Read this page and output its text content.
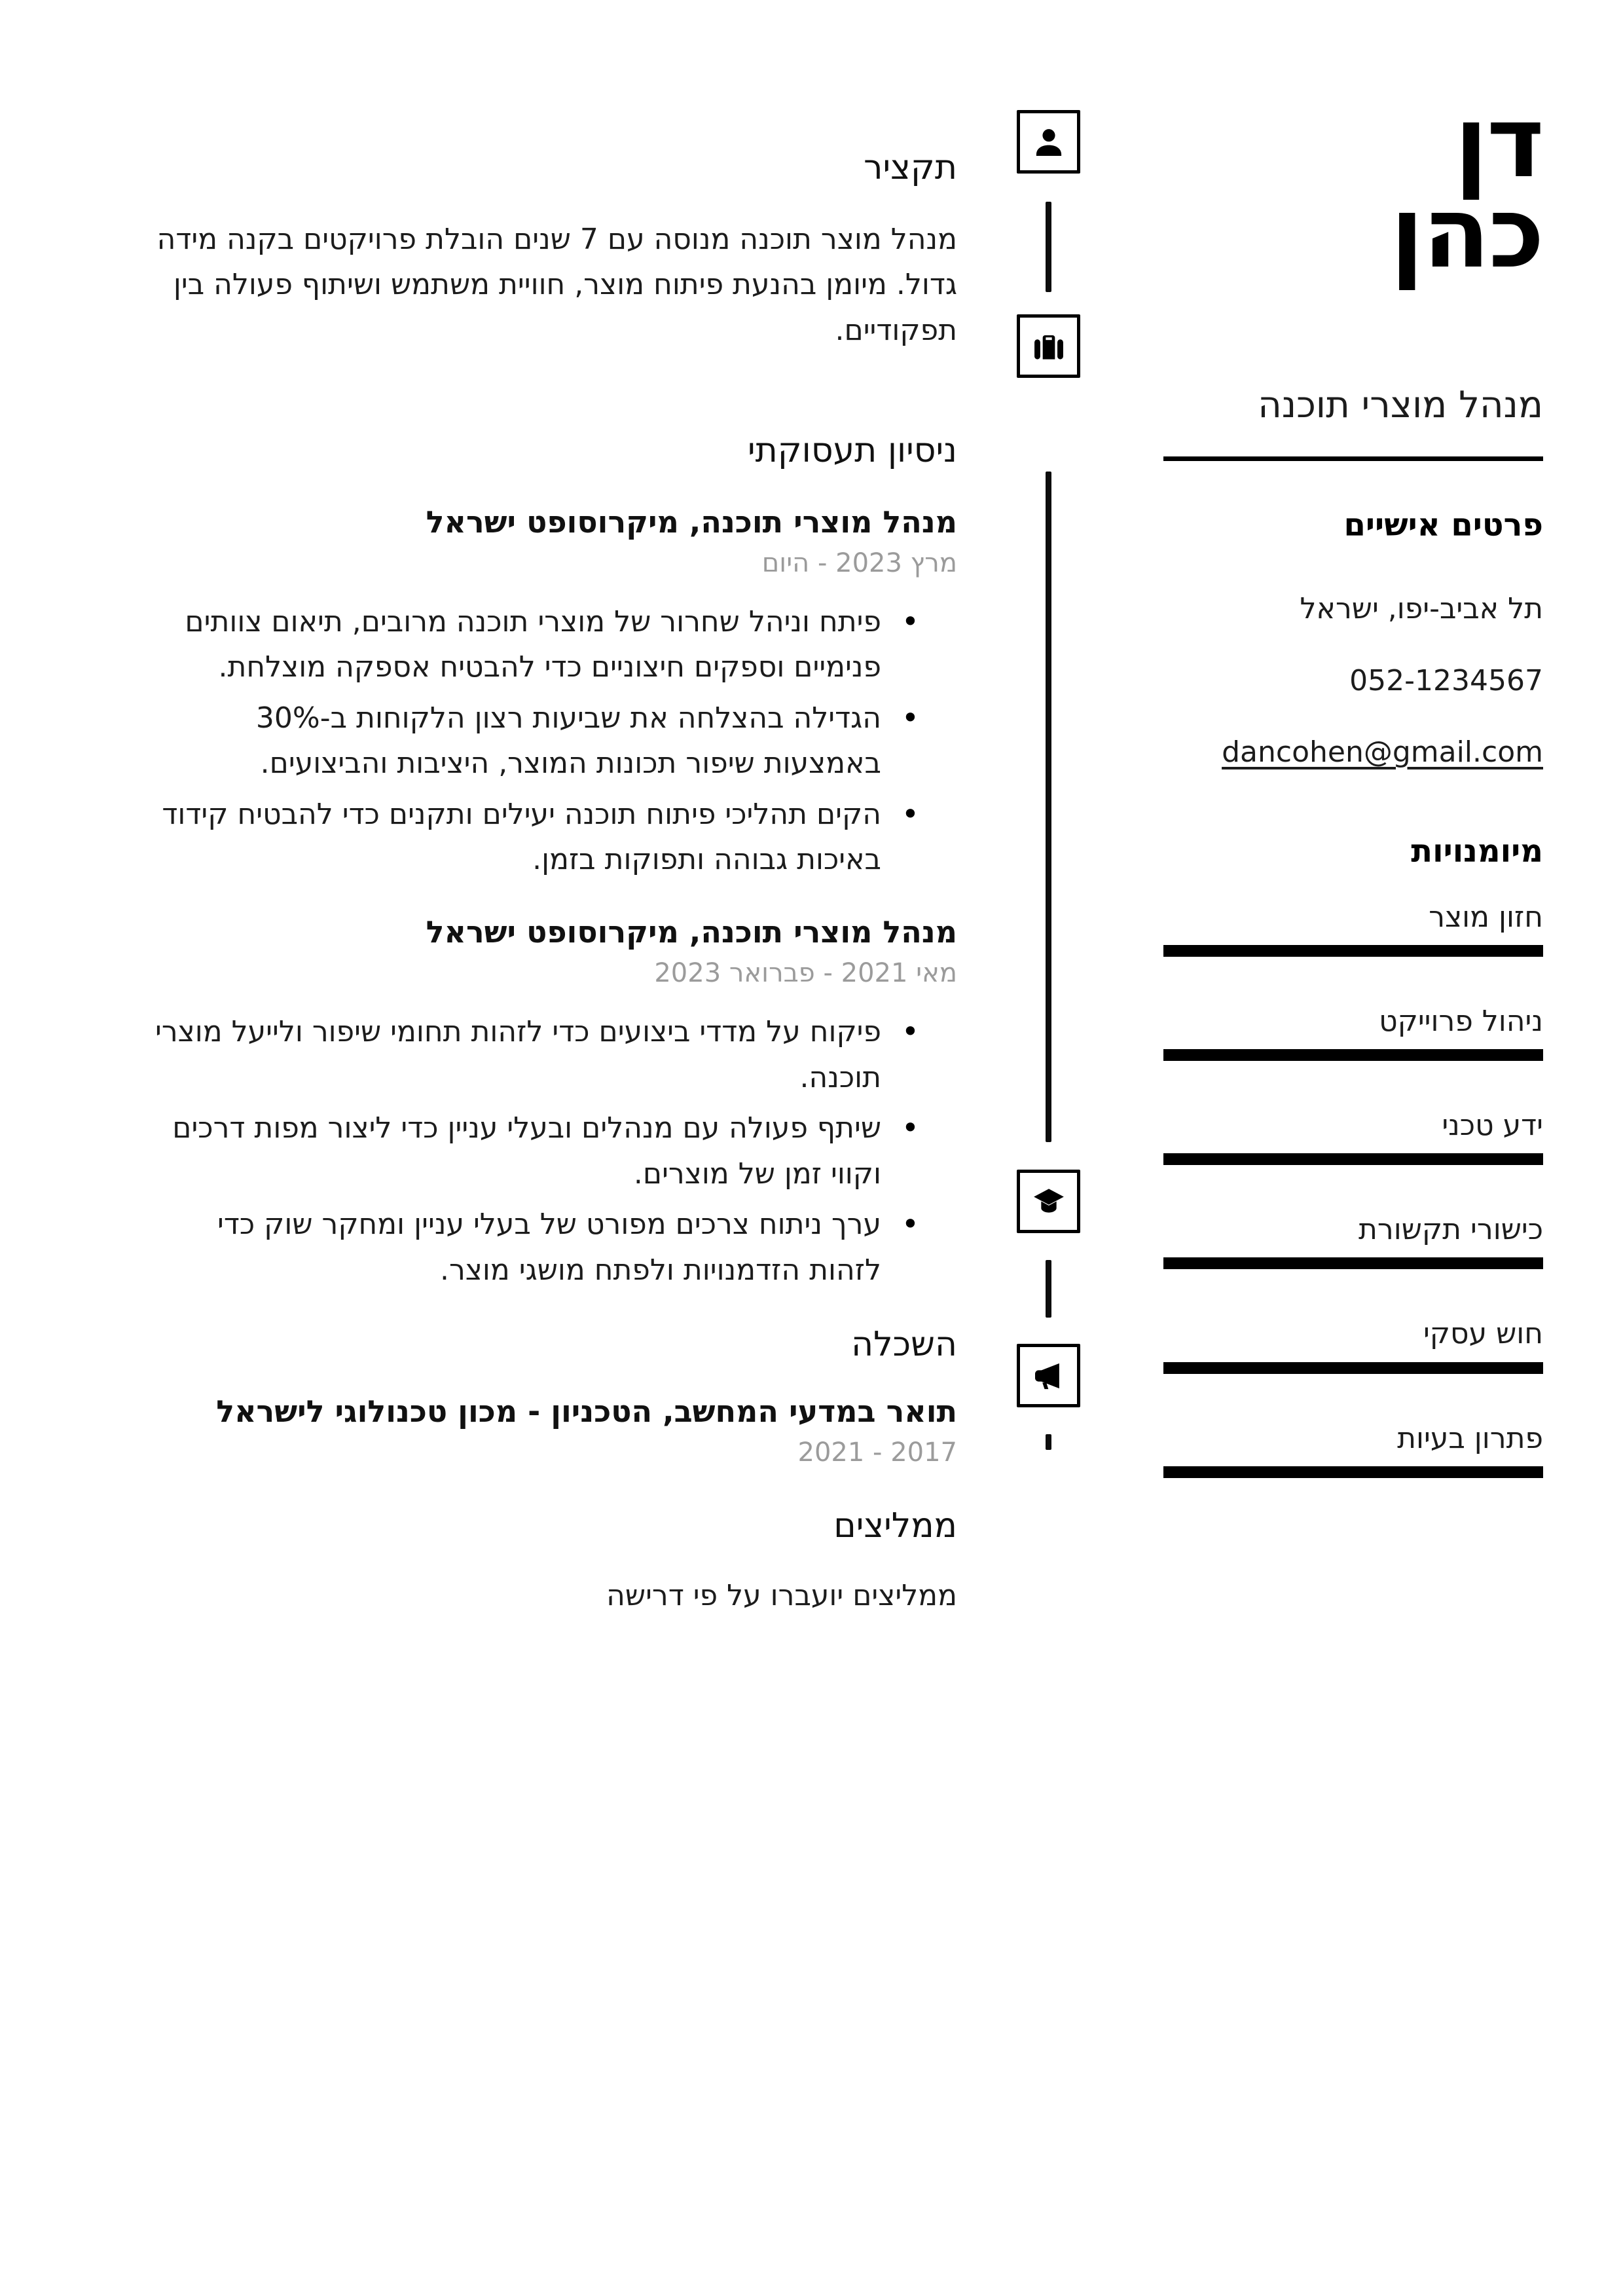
דן
כהן
מנהל מוצרי תוכנה
פרטים אישיים
תל אביב-יפו, ישראל
052-1234567
dancohen@gmail.com
מיומנויות
חזון מוצר
ניהול פרוייקט
ידע טכני
כישורי תקשורת
חוש עסקי
פתרון בעיות
תקציר

מנהל מוצר תוכנה מנוסה עם 7 שנים הובלת פרויקטים בקנה מידה גדול. מיומן בהנעת פיתוח מוצר, חוויית משתמש ושיתוף פעולה בין תפקודיים.

ניסיון תעסוקתי
מנהל מוצרי תוכנה, מיקרוסופט ישראל
מרץ 2023 - היום
• פיתח וניהל שחרור של מוצרי תוכנה מרובים, תיאום צוותים פנימיים וספקים חיצוניים כדי להבטיח אספקה מוצלחת.
• הגדילה בהצלחה את שביעות רצון הלקוחות ב-30% באמצעות שיפור תכונות המוצר, היציבות והביצועים.
• הקים תהליכי פיתוח תוכנה יעילים ותקנים כדי להבטיח קידוד באיכות גבוהה ותפוקות בזמן.
מנהל מוצרי תוכנה, מיקרוסופט ישראל
מאי 2021 - פברואר 2023
• פיקוח על מדדי ביצועים כדי לזהות תחומי שיפור ולייעל מוצרי תוכנה.
• שיתף פעולה עם מנהלים ובעלי עניין כדי ליצור מפות דרכים וקווי זמן של מוצרים.
• ערך ניתוח צרכים מפורט של בעלי עניין ומחקר שוק כדי לזהות הזדמנויות ולפתח מושגי מוצר.
השכלה
תואר במדעי המחשב, הטכניון - מכון טכנולוגי לישראל
2017 - 2021
ממליצים
ממליצים יועברו על פי דרישה
